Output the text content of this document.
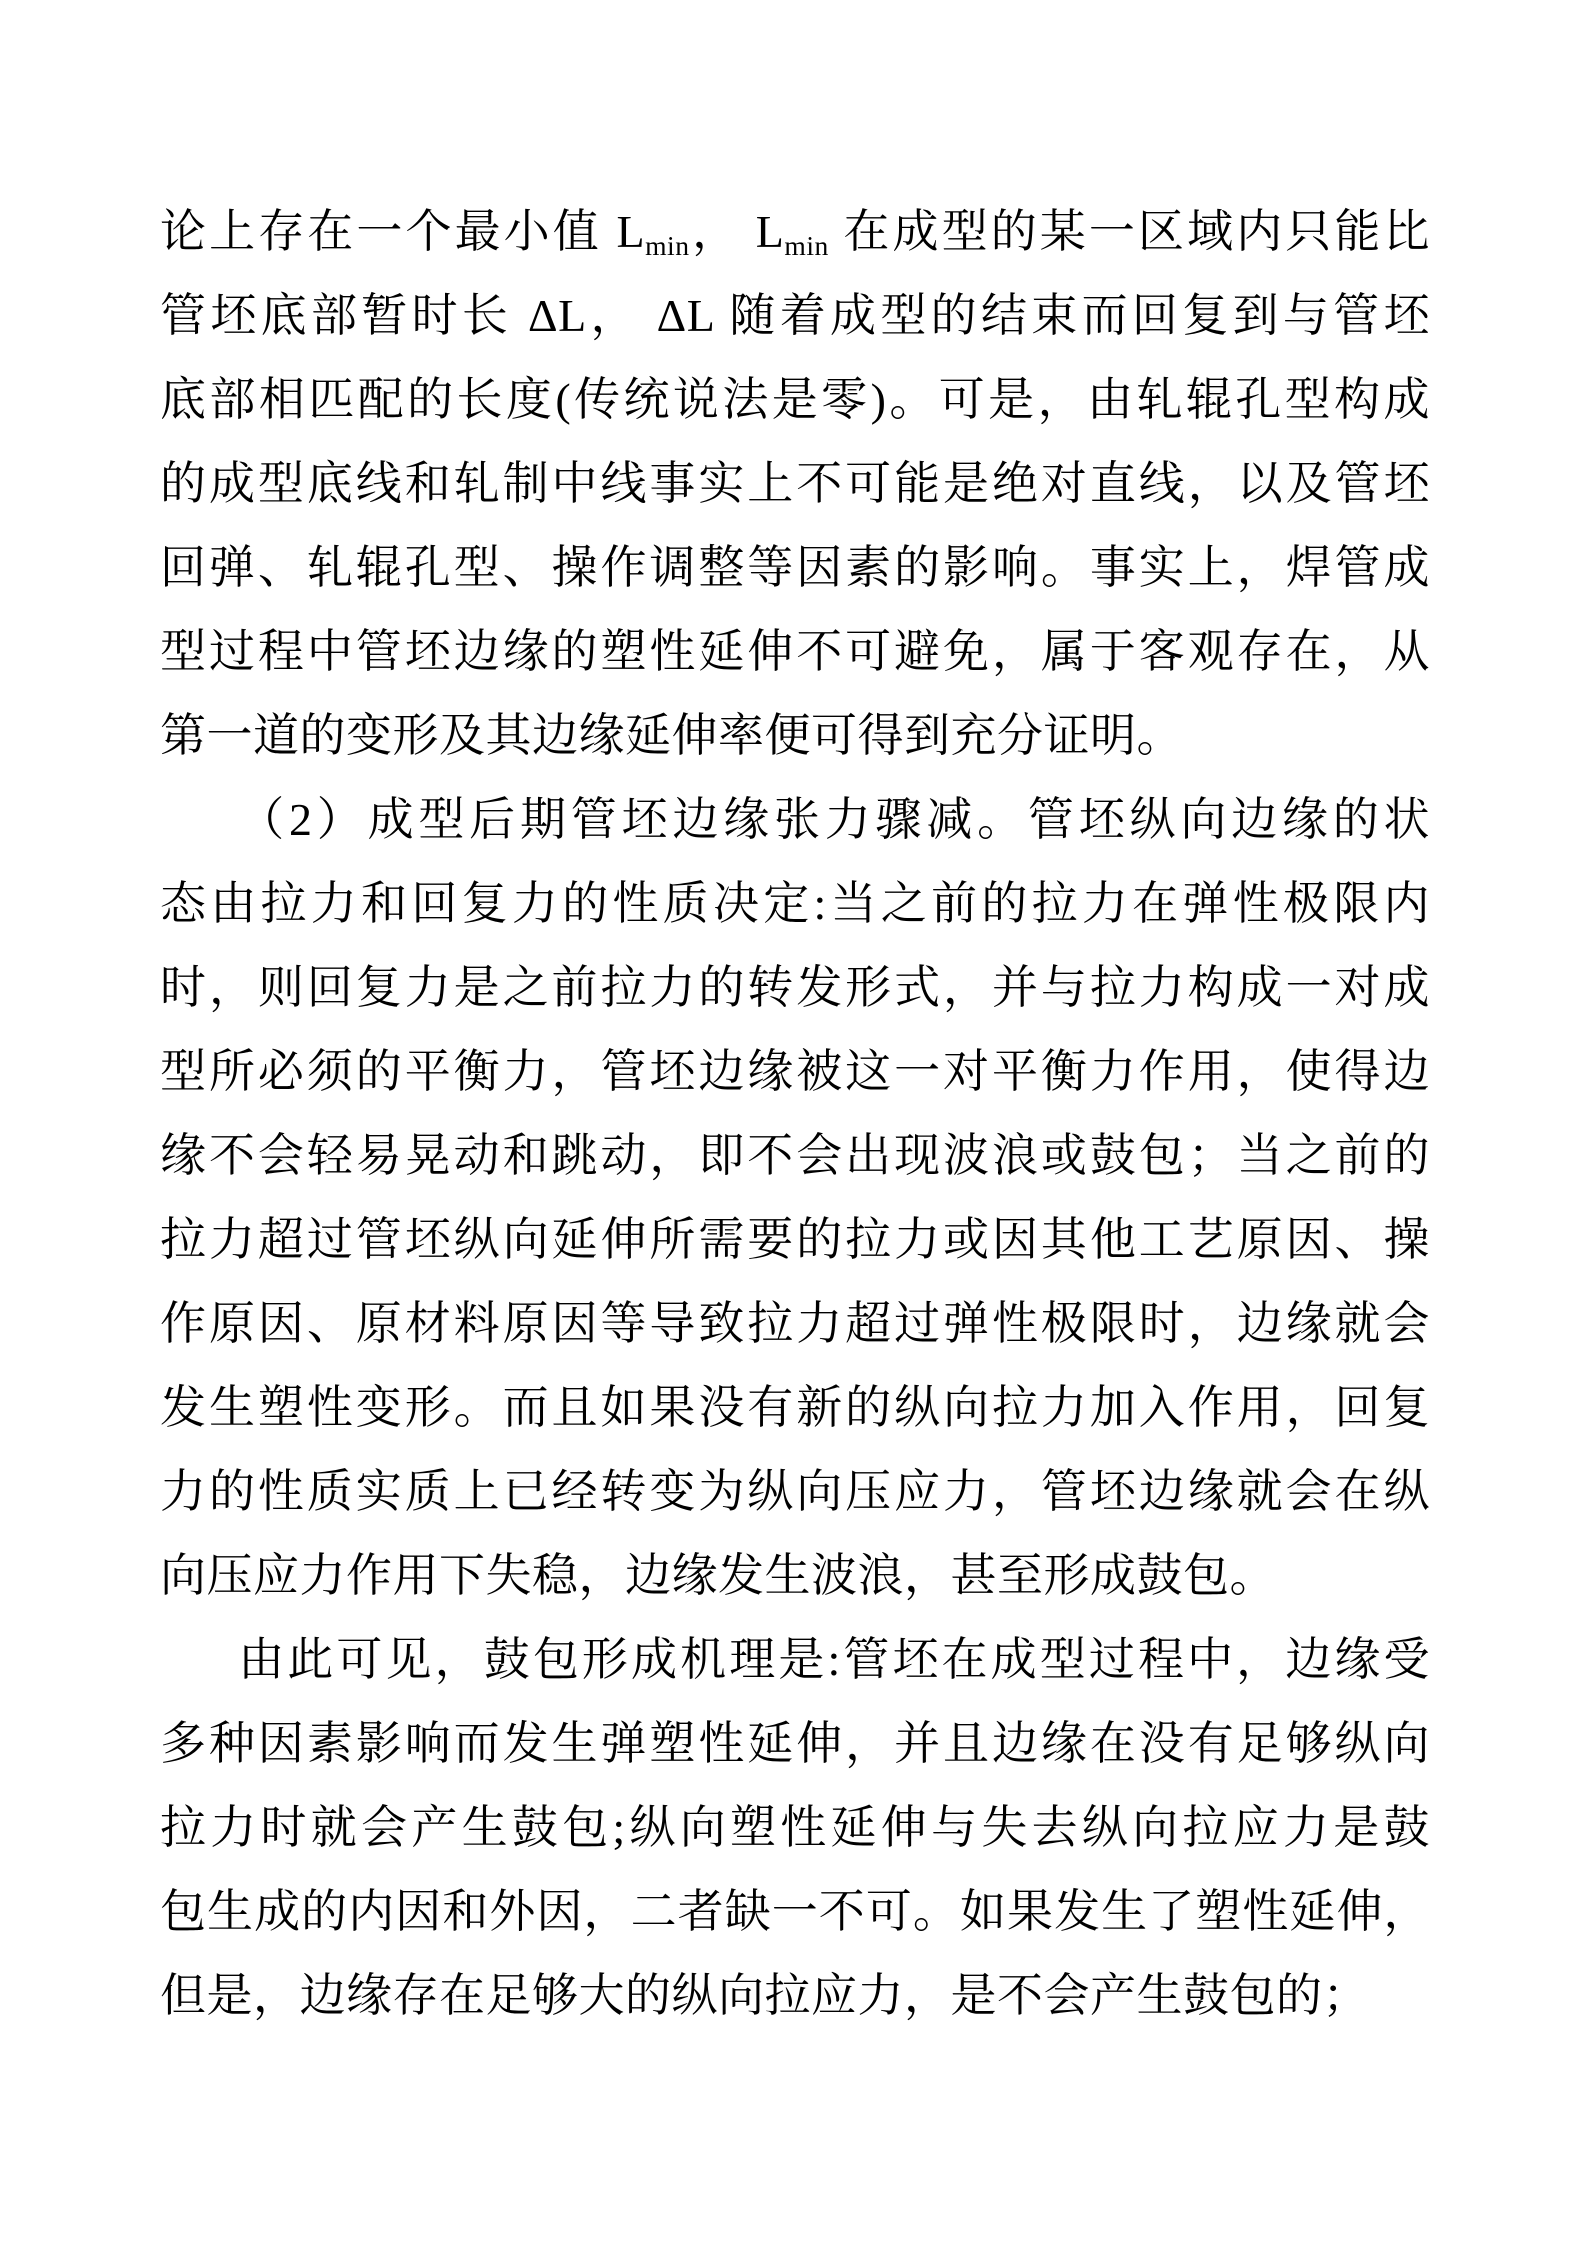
论上存在一个最小值 $L_{min}$， $L_{min}$ 在成型的某一区域内只能比
管坯底部暂时长 ΔL， ΔL 随着成型的结束而回复到与管坯
底部相匹配的长度(传统说法是零)。可是，由轧辊孔型构成
的成型底线和轧制中线事实上不可能是绝对直线，以及管坯
回弹、轧辊孔型、操作调整等因素的影响。事实上，焊管成
型过程中管坯边缘的塑性延伸不可避免，属于客观存在，从
第一道的变形及其边缘延伸率便可得到充分证明。
（2）成型后期管坯边缘张力骤减。管坯纵向边缘的状
态由拉力和回复力的性质决定:当之前的拉力在弹性极限内
时，则回复力是之前拉力的转发形式，并与拉力构成一对成
型所必须的平衡力，管坯边缘被这一对平衡力作用，使得边
缘不会轻易晃动和跳动，即不会出现波浪或鼓包；当之前的
拉力超过管坯纵向延伸所需要的拉力或因其他工艺原因、操
作原因、原材料原因等导致拉力超过弹性极限时，边缘就会
发生塑性变形。而且如果没有新的纵向拉力加入作用，回复
力的性质实质上已经转变为纵向压应力，管坯边缘就会在纵
向压应力作用下失稳，边缘发生波浪，甚至形成鼓包。
由此可见，鼓包形成机理是:管坯在成型过程中，边缘受
多种因素影响而发生弹塑性延伸，并且边缘在没有足够纵向
拉力时就会产生鼓包;纵向塑性延伸与失去纵向拉应力是鼓
包生成的内因和外因，二者缺一不可。如果发生了塑性延伸，
但是，边缘存在足够大的纵向拉应力，是不会产生鼓包的；
